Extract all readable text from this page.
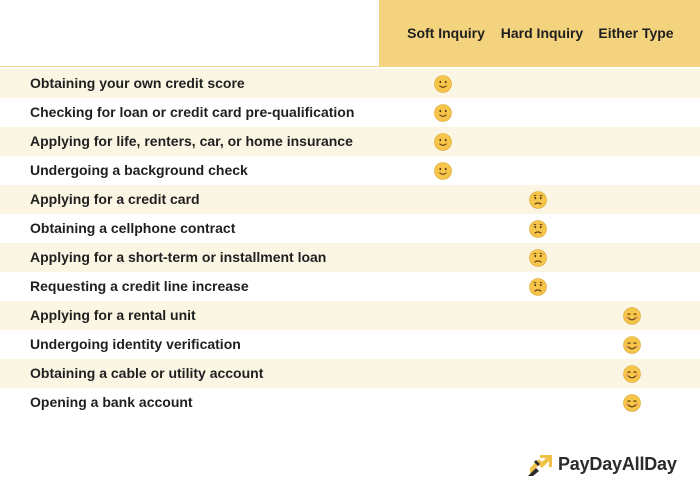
Soft Inquiry	Hard Inquiry	Either Type
Obtaining your own credit score
Checking for loan or credit card pre-qualification
Applying for life, renters, car, or home insurance
Undergoing a background check
Applying for a credit card
Obtaining a cellphone contract
Applying for a short-term or installment loan
Requesting a credit line increase
Applying for a rental unit
Undergoing identity verification
Obtaining a cable or utility account
Opening a bank account
PayDayAllDay
